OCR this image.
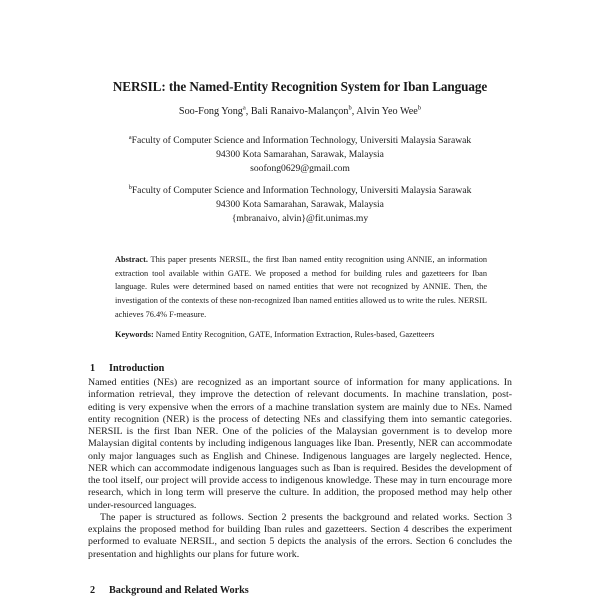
NERSIL: the Named-Entity Recognition System for Iban Language
Soo-Fong Yong$^a$, Bali Ranaivo-Malançon$^b$, Alvin Yeo Wee$^b$
$^a$Faculty of Computer Science and Information Technology, Universiti Malaysia Sarawak
94300 Kota Samarahan, Sarawak, Malaysia
soofong0629@gmail.com
$^b$Faculty of Computer Science and Information Technology, Universiti Malaysia Sarawak
94300 Kota Samarahan, Sarawak, Malaysia
{mbranaivo, alvin}@fit.unimas.my
Abstract. This paper presents NERSIL, the first Iban named entity recognition using ANNIE, an information extraction tool available within GATE. We proposed a method for building rules and gazetteers for Iban language. Rules were determined based on named entities that were not recognized by ANNIE. Then, the investigation of the contexts of these non-recognized Iban named entities allowed us to write the rules. NERSIL achieves 76.4% F-measure.
Keywords: Named Entity Recognition, GATE, Information Extraction, Rules-based, Gazetteers
1 Introduction

Named entities (NEs) are recognized as an important source of information for many applications. In information retrieval, they improve the detection of relevant documents. In machine translation, post-editing is very expensive when the errors of a machine translation system are mainly due to NEs. Named entity recognition (NER) is the process of detecting NEs and classifying them into semantic categories. NERSIL is the first Iban NER. One of the policies of the Malaysian government is to develop more Malaysian digital contents by including indigenous languages like Iban. Presently, NER can accommodate only major languages such as English and Chinese. Indigenous languages are largely neglected. Hence, NER which can accommodate indigenous languages such as Iban is required. Besides the development of the tool itself, our project will provide access to indigenous knowledge. These may in turn encourage more research, which in long term will preserve the culture. In addition, the proposed method may help other under-resourced languages.

The paper is structured as follows. Section 2 presents the background and related works. Section 3 explains the proposed method for building Iban rules and gazetteers. Section 4 describes the experiment performed to evaluate NERSIL, and section 5 depicts the analysis of the errors. Section 6 concludes the presentation and highlights our plans for future work.

2 Background and Related Works
